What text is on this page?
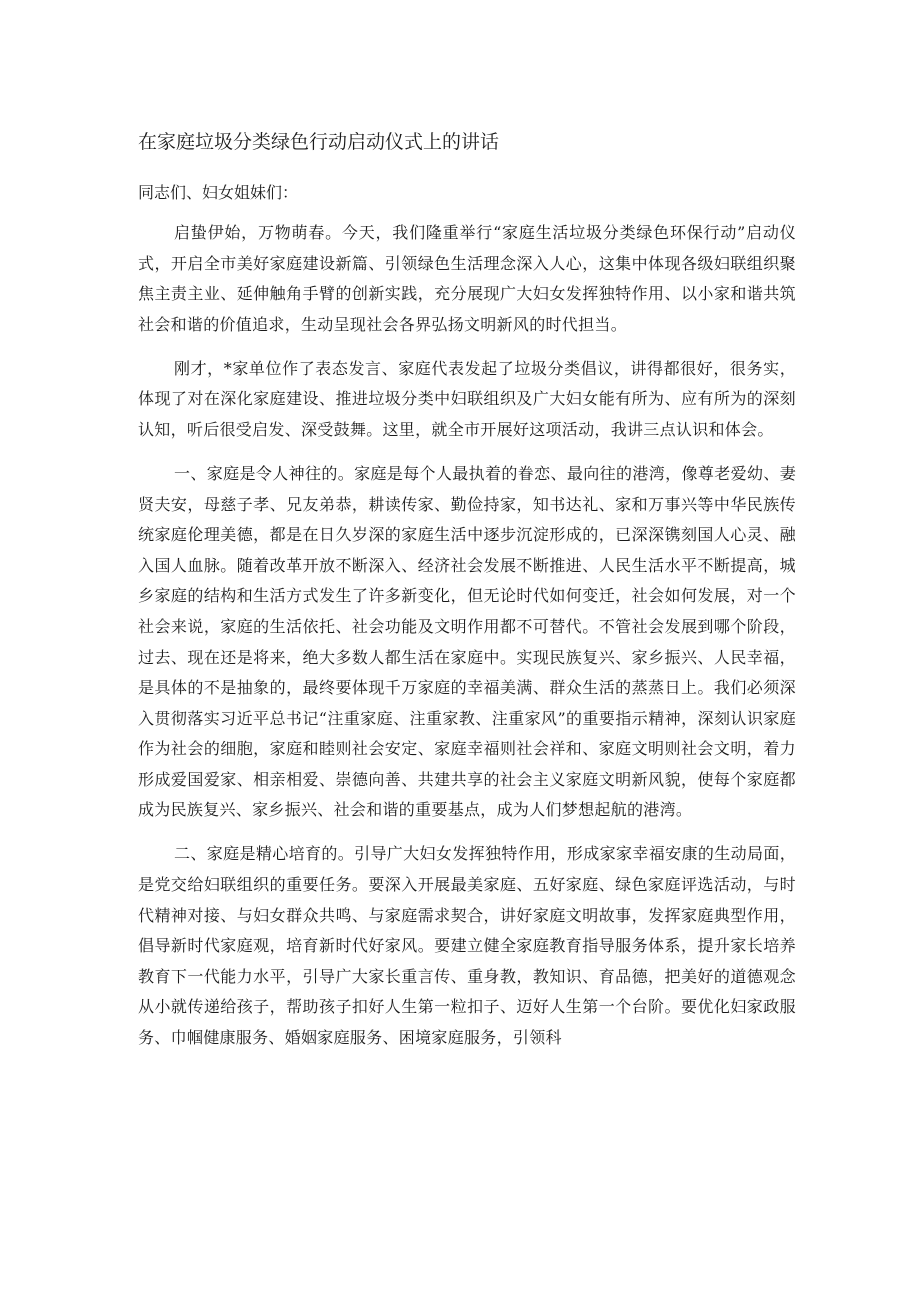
在家庭垃圾分类绿色行动启动仪式上的讲话
同志们、妇女姐妹们：

启蛰伊始，万物萌春。今天，我们隆重举行“家庭生活垃圾分类绿色环保行动”启动仪式，开启全市美好家庭建设新篇、引领绿色生活理念深入人心，这集中体现各级妇联组织聚焦主责主业、延伸触角手臂的创新实践，充分展现广大妇女发挥独特作用、以小家和谐共筑社会和谐的价值追求，生动呈现社会各界弘扬文明新风的时代担当。

刚才，*家单位作了表态发言、家庭代表发起了垃圾分类倡议，讲得都很好，很务实，体现了对在深化家庭建设、推进垃圾分类中妇联组织及广大妇女能有所为、应有所为的深刻认知，听后很受启发、深受鼓舞。这里，就全市开展好这项活动，我讲三点认识和体会。

一、家庭是令人神往的。家庭是每个人最执着的眷恋、最向往的港湾，像尊老爱幼、妻贤夫安，母慈子孝、兄友弟恭，耕读传家、勤俭持家，知书达礼、家和万事兴等中华民族传统家庭伦理美德，都是在日久岁深的家庭生活中逐步沉淀形成的，已深深镌刻国人心灵、融入国人血脉。随着改革开放不断深入、经济社会发展不断推进、人民生活水平不断提高，城乡家庭的结构和生活方式发生了许多新变化，但无论时代如何变迁，社会如何发展，对一个社会来说，家庭的生活依托、社会功能及文明作用都不可替代。不管社会发展到哪个阶段，过去、现在还是将来，绝大多数人都生活在家庭中。实现民族复兴、家乡振兴、人民幸福，是具体的不是抽象的，最终要体现千万家庭的幸福美满、群众生活的蒸蒸日上。我们必须深入贯彻落实习近平总书记“注重家庭、注重家教、注重家风”的重要指示精神，深刻认识家庭作为社会的细胞，家庭和睦则社会安定、家庭幸福则社会祥和、家庭文明则社会文明，着力形成爱国爱家、相亲相爱、崇德向善、共建共享的社会主义家庭文明新风貌，使每个家庭都成为民族复兴、家乡振兴、社会和谐的重要基点，成为人们梦想起航的港湾。

二、家庭是精心培育的。引导广大妇女发挥独特作用，形成家家幸福安康的生动局面，是党交给妇联组织的重要任务。要深入开展最美家庭、五好家庭、绿色家庭评选活动，与时代精神对接、与妇女群众共鸣、与家庭需求契合，讲好家庭文明故事，发挥家庭典型作用，倡导新时代家庭观，培育新时代好家风。要建立健全家庭教育指导服务体系，提升家长培养教育下一代能力水平，引导广大家长重言传、重身教，教知识、育品德，把美好的道德观念从小就传递给孩子，帮助孩子扣好人生第一粒扣子、迈好人生第一个台阶。要优化妇家政服务、巾帼健康服务、婚姻家庭服务、困境家庭服务，引领科
